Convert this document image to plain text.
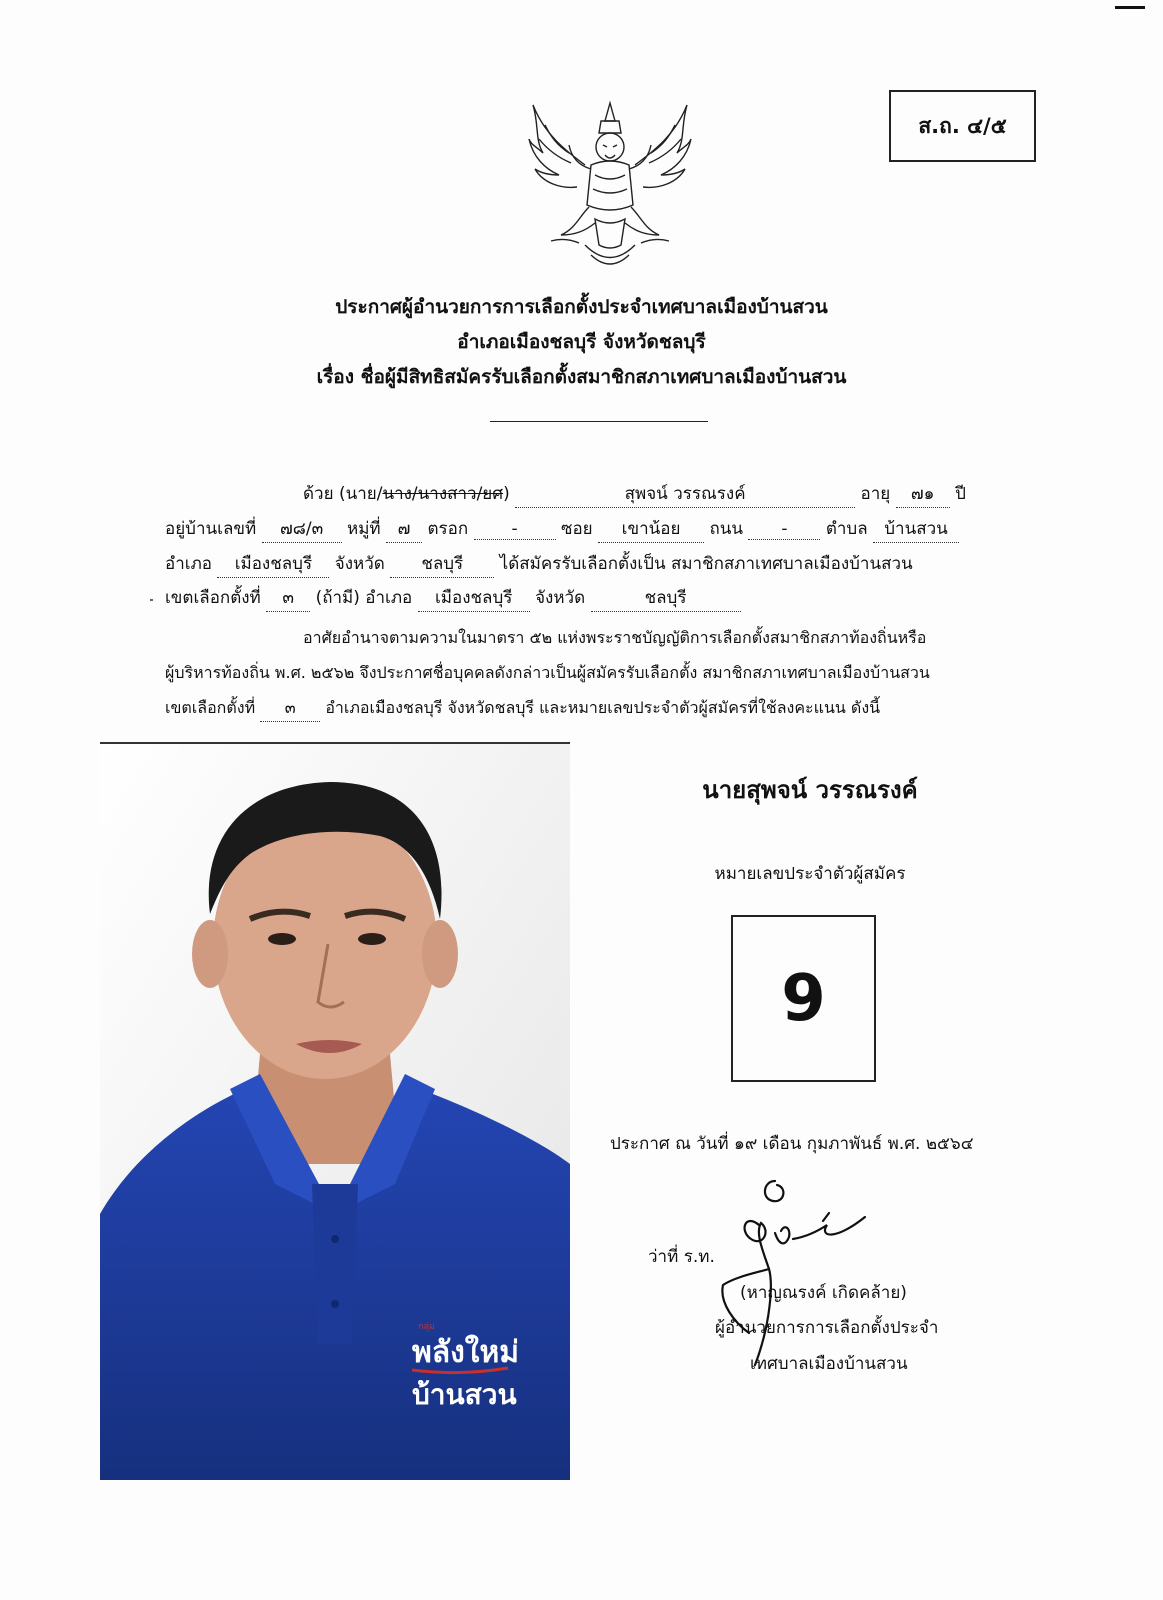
ส.ถ. ๔/๕
ประกาศผู้อำนวยการการเลือกตั้งประจำเทศบาลเมืองบ้านสวน
อำเภอเมืองชลบุรี จังหวัดชลบุรี
เรื่อง ชื่อผู้มีสิทธิสมัครรับเลือกตั้งสมาชิกสภาเทศบาลเมืองบ้านสวน
ด้วย (นาย/นาง/นางสาว/ยศ)	สุพจน์ วรรณรงค์	อายุ ๗๑ ปี
อยู่บ้านเลขที่ ๗๘/๓ หมู่ที่ ๗ ตรอก	-	ซอย เขาน้อย ถนน - ตำบล บ้านสวน
อำเภอ เมืองชลบุรี จังหวัด ชลบุรี ได้สมัครรับเลือกตั้งเป็น สมาชิกสภาเทศบาลเมืองบ้านสวน
เขตเลือกตั้งที่ ๓ (ถ้ามี) อำเภอ เมืองชลบุรี จังหวัด	ชลบุรี
อาศัยอำนาจตามความในมาตรา ๕๒ แห่งพระราชบัญญัติการเลือกตั้งสมาชิกสภาท้องถิ่นหรือ
ผู้บริหารท้องถิ่น พ.ศ. ๒๕๖๒ จึงประกาศชื่อบุคคลดังกล่าวเป็นผู้สมัครรับเลือกตั้ง สมาชิกสภาเทศบาลเมืองบ้านสวน
เขตเลือกตั้งที่ ๓ อำเภอเมืองชลบุรี จังหวัดชลบุรี และหมายเลขประจำตัวผู้สมัครที่ใช้ลงคะแนน ดังนี้
กลุ่ม
พลังใหม่
บ้านสวน
นายสุพจน์ วรรณรงค์
หมายเลขประจำตัวผู้สมัคร
9
ประกาศ ณ วันที่ ๑๙ เดือน กุมภาพันธ์ พ.ศ. ๒๕๖๔
ว่าที่ ร.ท.
(หาญณรงค์ เกิดคล้าย)
ผู้อำนวยการการเลือกตั้งประจำ
เทศบาลเมืองบ้านสวน
